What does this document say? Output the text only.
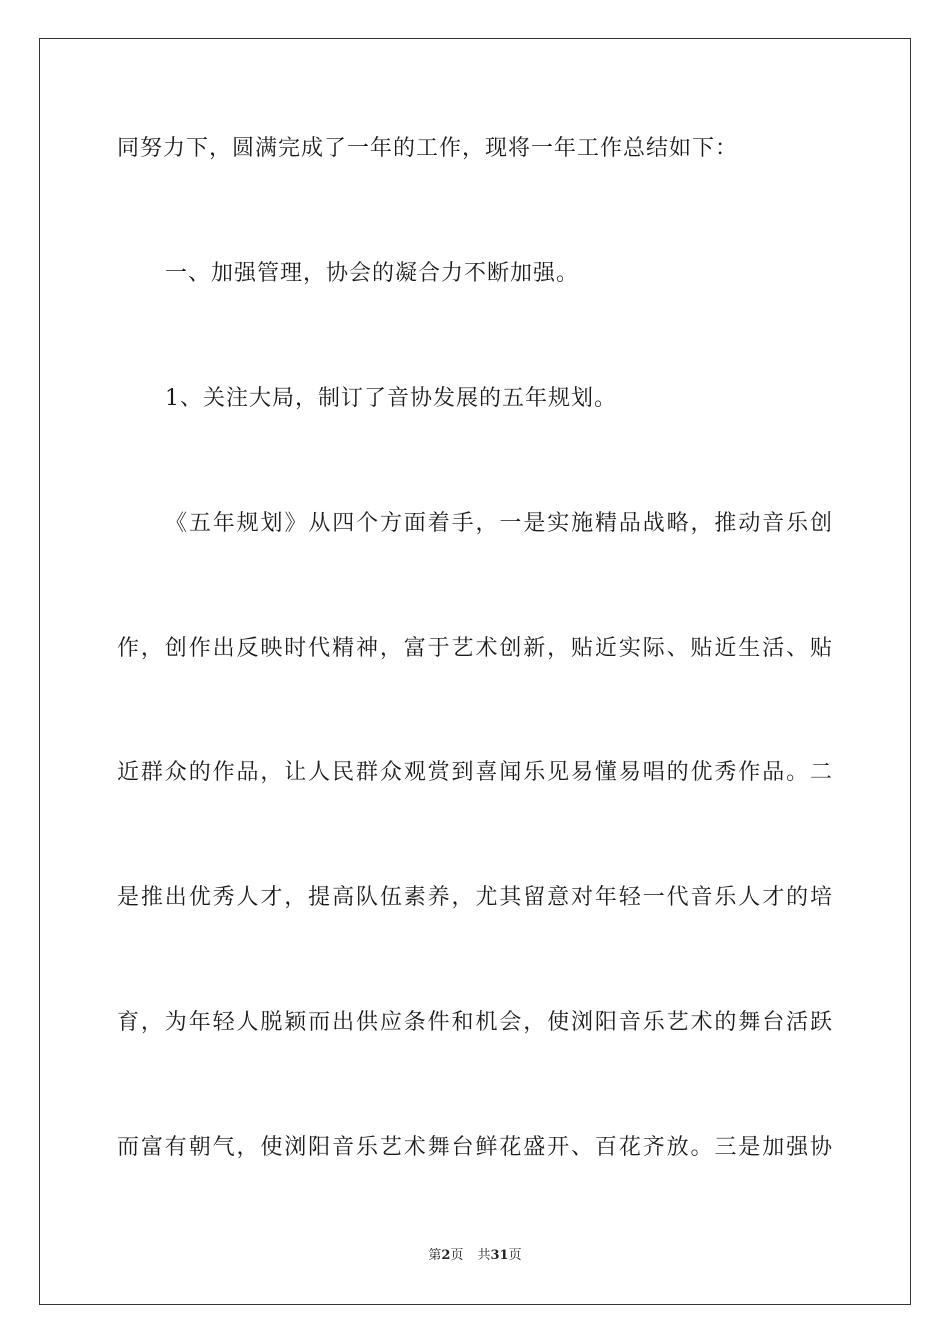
同努力下，圆满完成了一年的工作，现将一年工作总结如下：
一、加强管理，协会的凝合力不断加强。
1、关注大局，制订了音协发展的五年规划。
《五年规划》从四个方面着手，一是实施精品战略，推动音乐创
作，创作出反映时代精神，富于艺术创新，贴近实际、贴近生活、贴
近群众的作品，让人民群众观赏到喜闻乐见易懂易唱的优秀作品。二
是推出优秀人才，提高队伍素养，尤其留意对年轻一代音乐人才的培
育，为年轻人脱颖而出供应条件和机会，使浏阳音乐艺术的舞台活跃
而富有朝气，使浏阳音乐艺术舞台鲜花盛开、百花齐放。三是加强协
第2页 共31页
